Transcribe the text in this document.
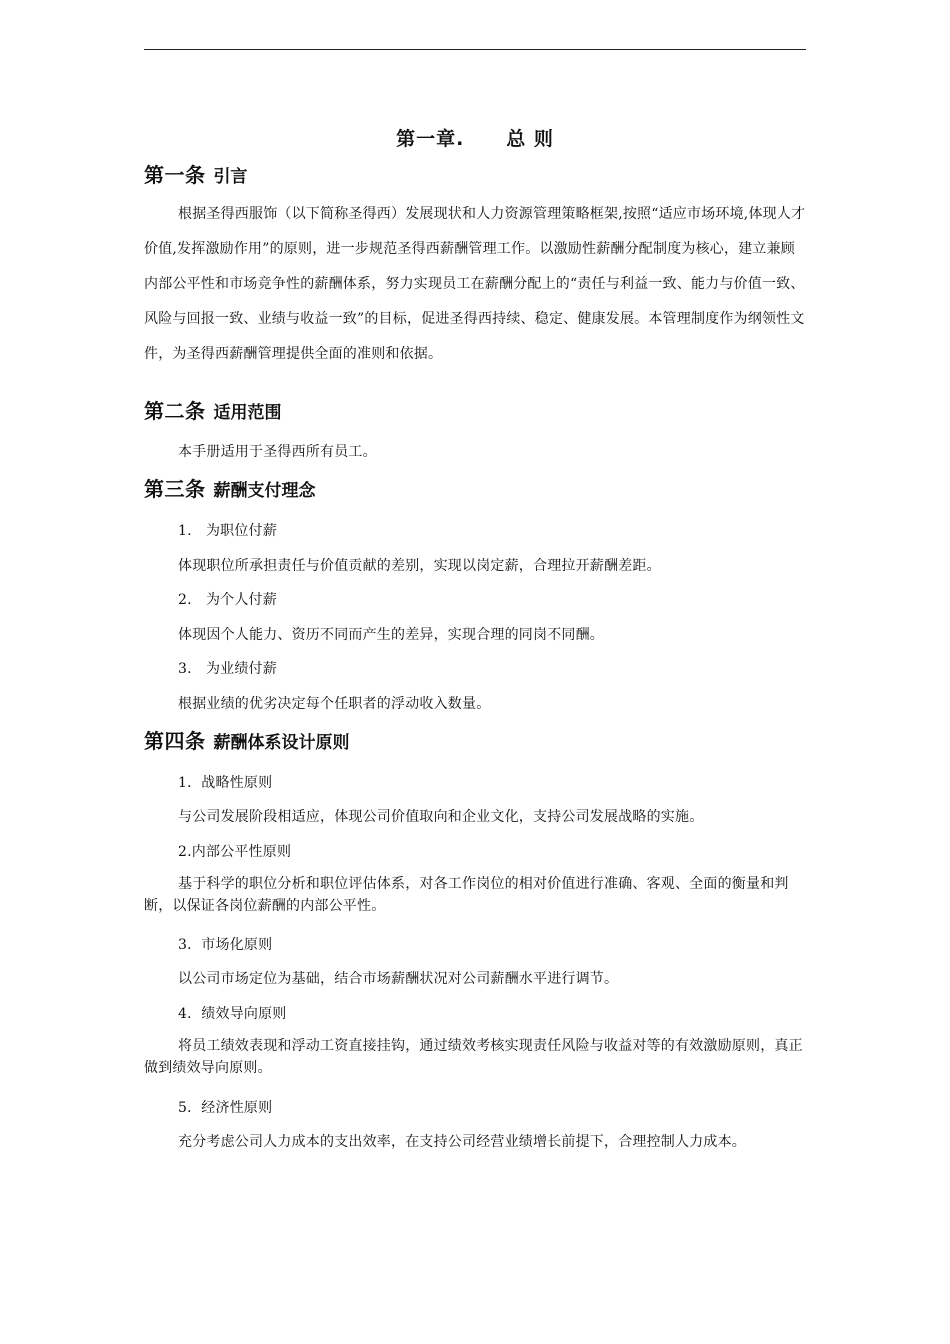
第一章. 总 则
第一条 引言
根据圣得西服饰（以下简称圣得西）发展现状和人力资源管理策略框架,按照“适应市场环境,体现人才价值,发挥激励作用”的原则，进一步规范圣得西薪酬管理工作。以激励性薪酬分配制度为核心，建立兼顾内部公平性和市场竞争性的薪酬体系，努力实现员工在薪酬分配上的“责任与利益一致、能力与价值一致、风险与回报一致、业绩与收益一致”的目标，促进圣得西持续、稳定、健康发展。本管理制度作为纲领性文件，为圣得西薪酬管理提供全面的准则和依据。
第二条 适用范围
本手册适用于圣得西所有员工。
第三条 薪酬支付理念
1.　为职位付薪
体现职位所承担责任与价值贡献的差别，实现以岗定薪，合理拉开薪酬差距。
2.　为个人付薪
体现因个人能力、资历不同而产生的差异，实现合理的同岗不同酬。
3.　为业绩付薪
根据业绩的优劣决定每个任职者的浮动收入数量。
第四条 薪酬体系设计原则
1．战略性原则
与公司发展阶段相适应，体现公司价值取向和企业文化，支持公司发展战略的实施。
2.内部公平性原则
基于科学的职位分析和职位评估体系，对各工作岗位的相对价值进行准确、客观、全面的衡量和判断，以保证各岗位薪酬的内部公平性。
3．市场化原则
以公司市场定位为基础，结合市场薪酬状况对公司薪酬水平进行调节。
4．绩效导向原则
将员工绩效表现和浮动工资直接挂钩，通过绩效考核实现责任风险与收益对等的有效激励原则，真正做到绩效导向原则。
5．经济性原则
充分考虑公司人力成本的支出效率，在支持公司经营业绩增长前提下，合理控制人力成本。
